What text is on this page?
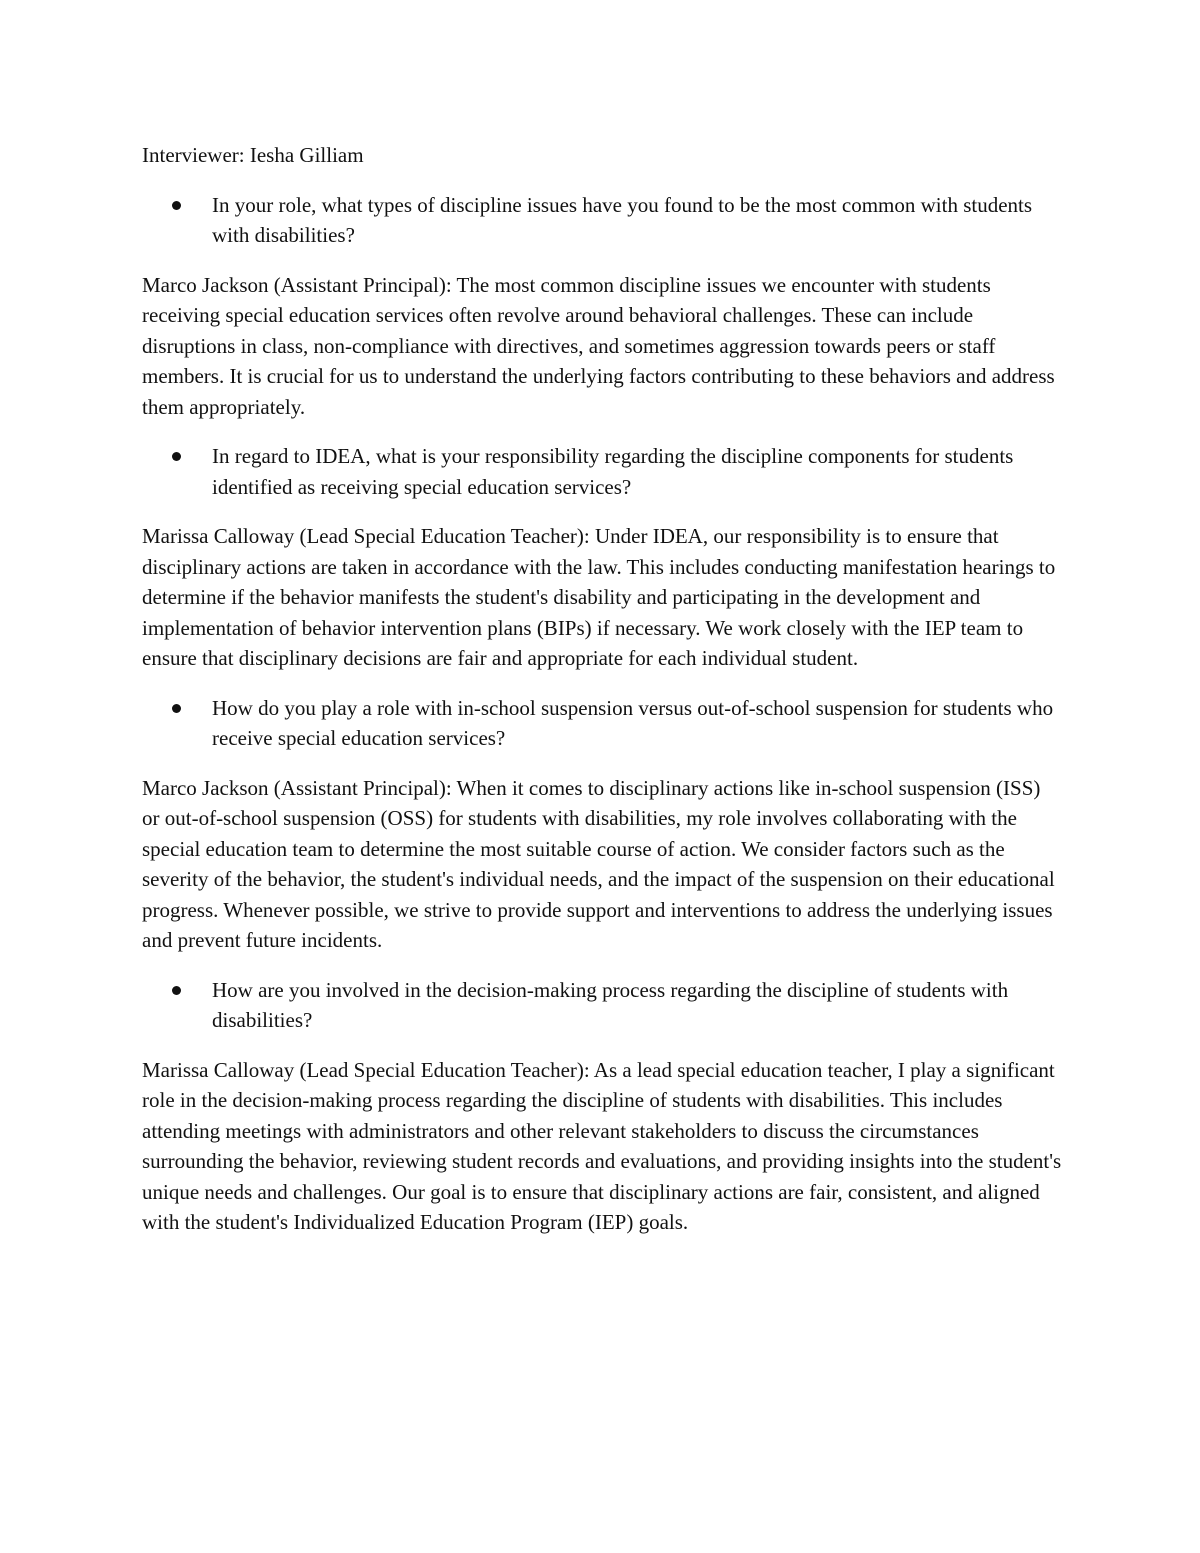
Interviewer: Iesha Gilliam

In your role, what types of discipline issues have you found to be the most common with students with disabilities?

Marco Jackson (Assistant Principal): The most common discipline issues we encounter with students receiving special education services often revolve around behavioral challenges. These can include disruptions in class, non-compliance with directives, and sometimes aggression towards peers or staff members. It is crucial for us to understand the underlying factors contributing to these behaviors and address them appropriately.

In regard to IDEA, what is your responsibility regarding the discipline components for students identified as receiving special education services?

Marissa Calloway (Lead Special Education Teacher): Under IDEA, our responsibility is to ensure that disciplinary actions are taken in accordance with the law. This includes conducting manifestation hearings to determine if the behavior manifests the student's disability and participating in the development and implementation of behavior intervention plans (BIPs) if necessary. We work closely with the IEP team to ensure that disciplinary decisions are fair and appropriate for each individual student.

How do you play a role with in-school suspension versus out-of-school suspension for students who receive special education services?

Marco Jackson (Assistant Principal): When it comes to disciplinary actions like in-school suspension (ISS) or out-of-school suspension (OSS) for students with disabilities, my role involves collaborating with the special education team to determine the most suitable course of action. We consider factors such as the severity of the behavior, the student's individual needs, and the impact of the suspension on their educational progress. Whenever possible, we strive to provide support and interventions to address the underlying issues and prevent future incidents.

How are you involved in the decision-making process regarding the discipline of students with disabilities?

Marissa Calloway (Lead Special Education Teacher): As a lead special education teacher, I play a significant role in the decision-making process regarding the discipline of students with disabilities. This includes attending meetings with administrators and other relevant stakeholders to discuss the circumstances surrounding the behavior, reviewing student records and evaluations, and providing insights into the student's unique needs and challenges. Our goal is to ensure that disciplinary actions are fair, consistent, and aligned with the student's Individualized Education Program (IEP) goals.
